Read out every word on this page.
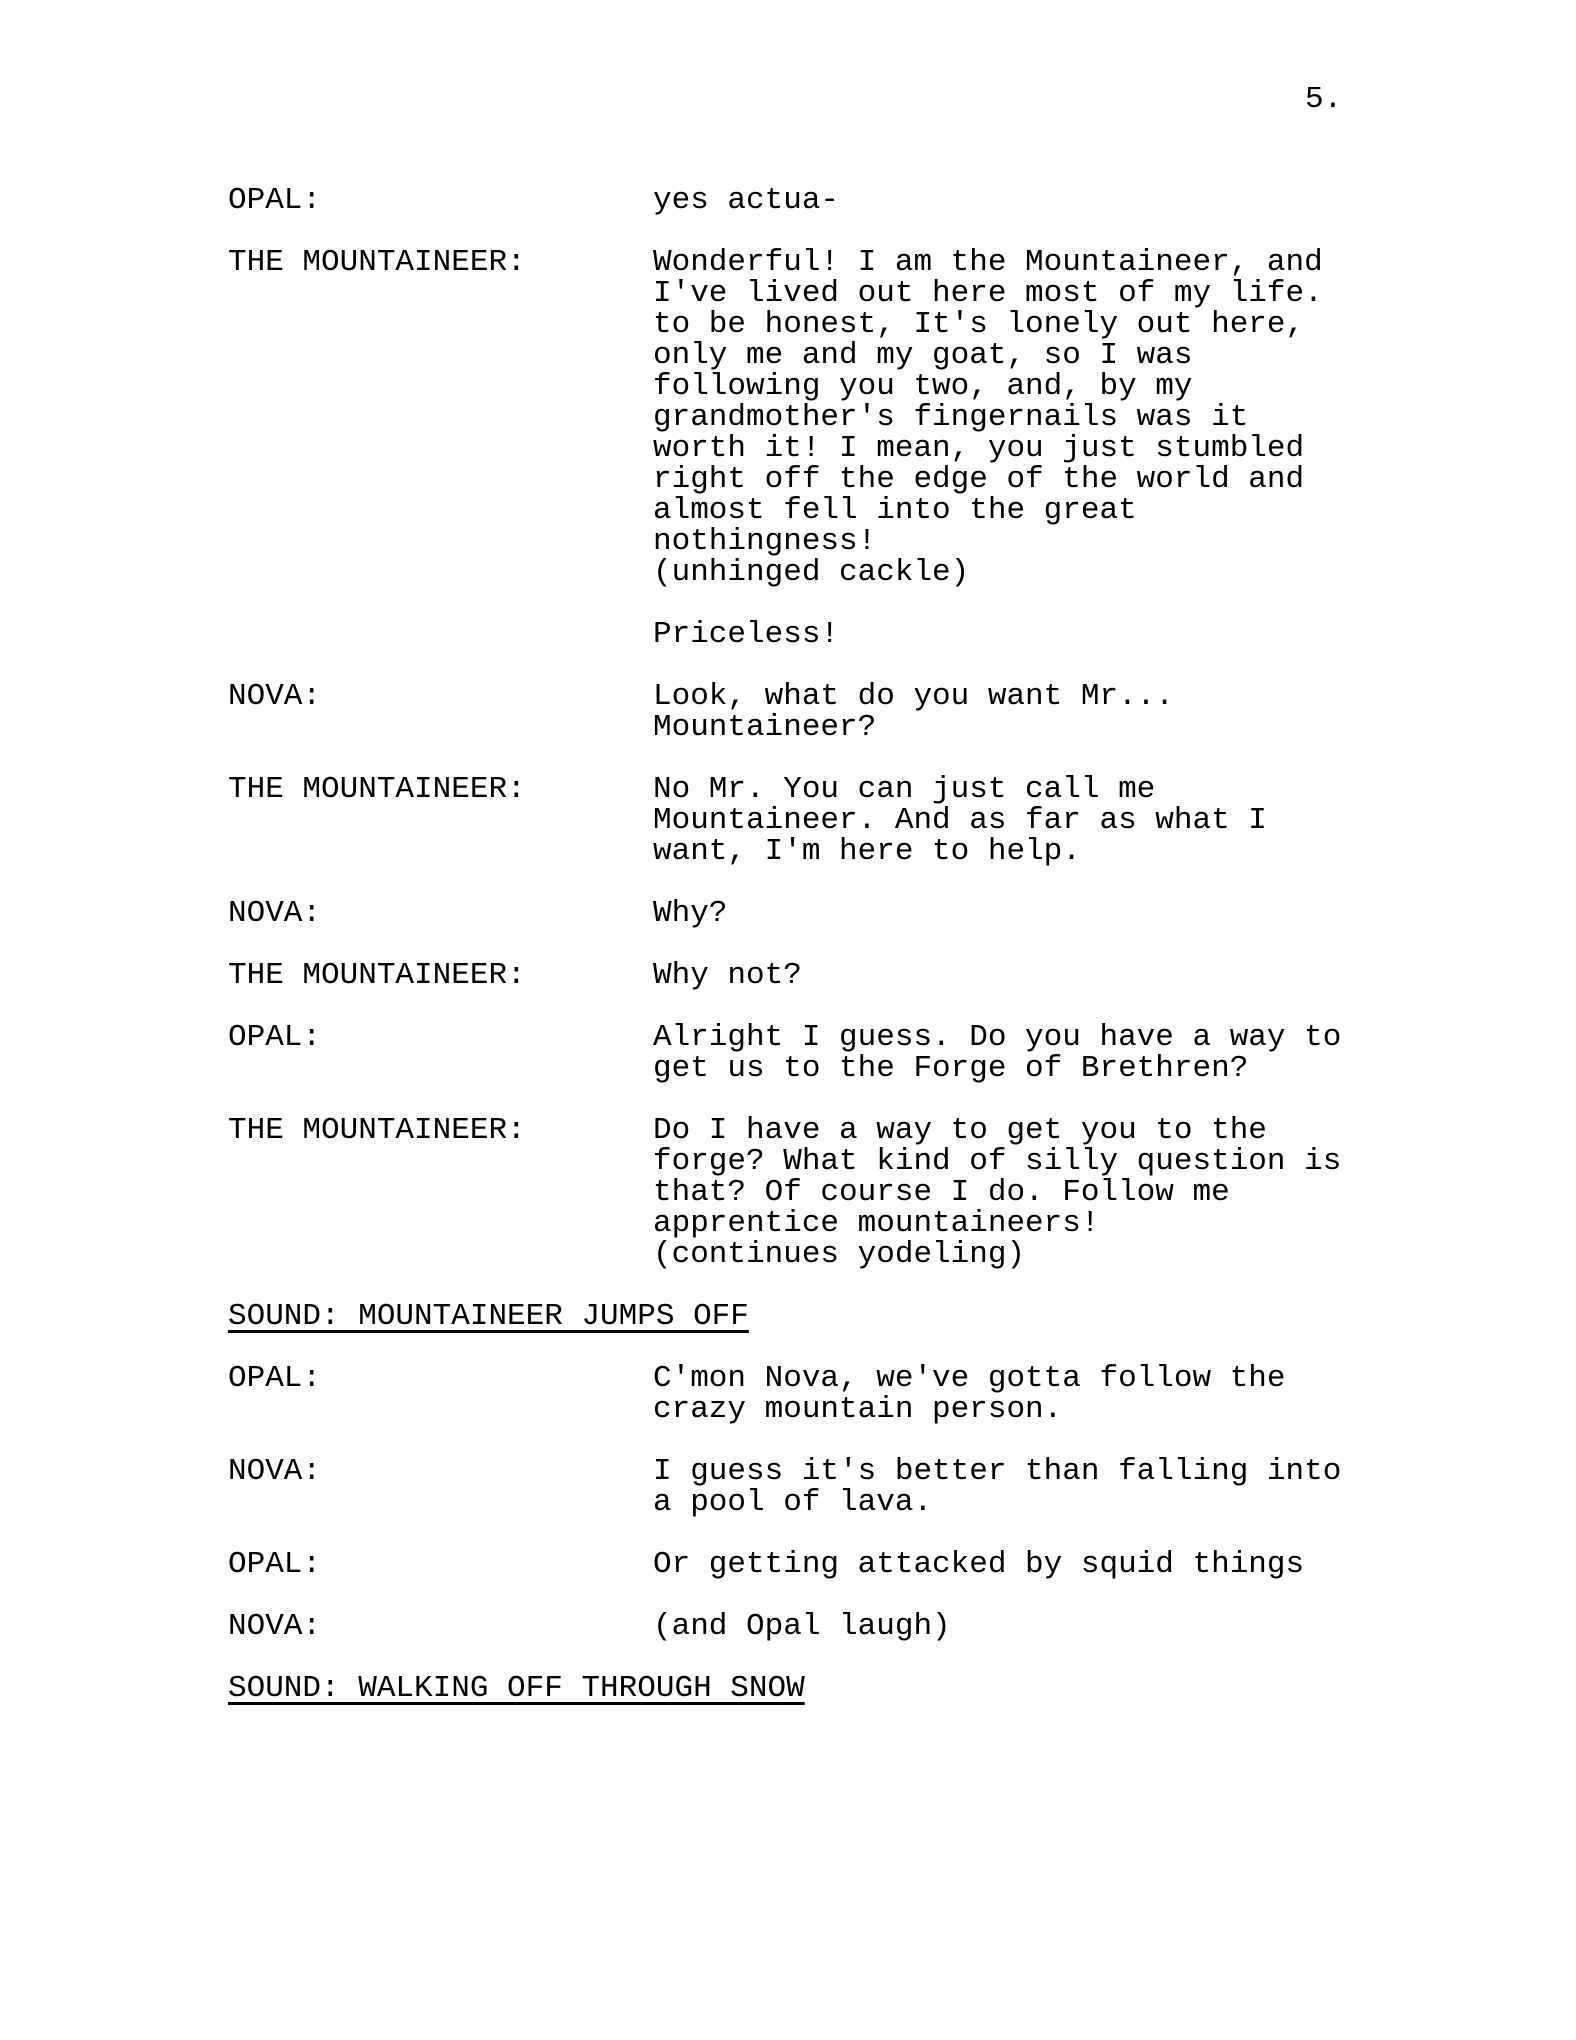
5.
OPAL:	yes actua-
THE MOUNTAINEER:	Wonderful! I am the Mountaineer, and
I've lived out here most of my life.
to be honest, It's lonely out here,
only me and my goat, so I was
following you two, and, by my
grandmother's fingernails was it
worth it! I mean, you just stumbled
right off the edge of the world and
almost fell into the great
nothingness!
(unhinged cackle)
Priceless!
NOVA:	Look, what do you want Mr...
Mountaineer?
THE MOUNTAINEER:	No Mr. You can just call me
Mountaineer. And as far as what I
want, I'm here to help.
NOVA:	Why?
THE MOUNTAINEER:	Why not?
OPAL:	Alright I guess. Do you have a way to
get us to the Forge of Brethren?
THE MOUNTAINEER:	Do I have a way to get you to the
forge? What kind of silly question is
that? Of course I do. Follow me
apprentice mountaineers!
(continues yodeling)
SOUND: MOUNTAINEER JUMPS OFF
OPAL:	C'mon Nova, we've gotta follow the
crazy mountain person.
NOVA:	I guess it's better than falling into
a pool of lava.
OPAL:	Or getting attacked by squid things
NOVA:	(and Opal laugh)
SOUND: WALKING OFF THROUGH SNOW
